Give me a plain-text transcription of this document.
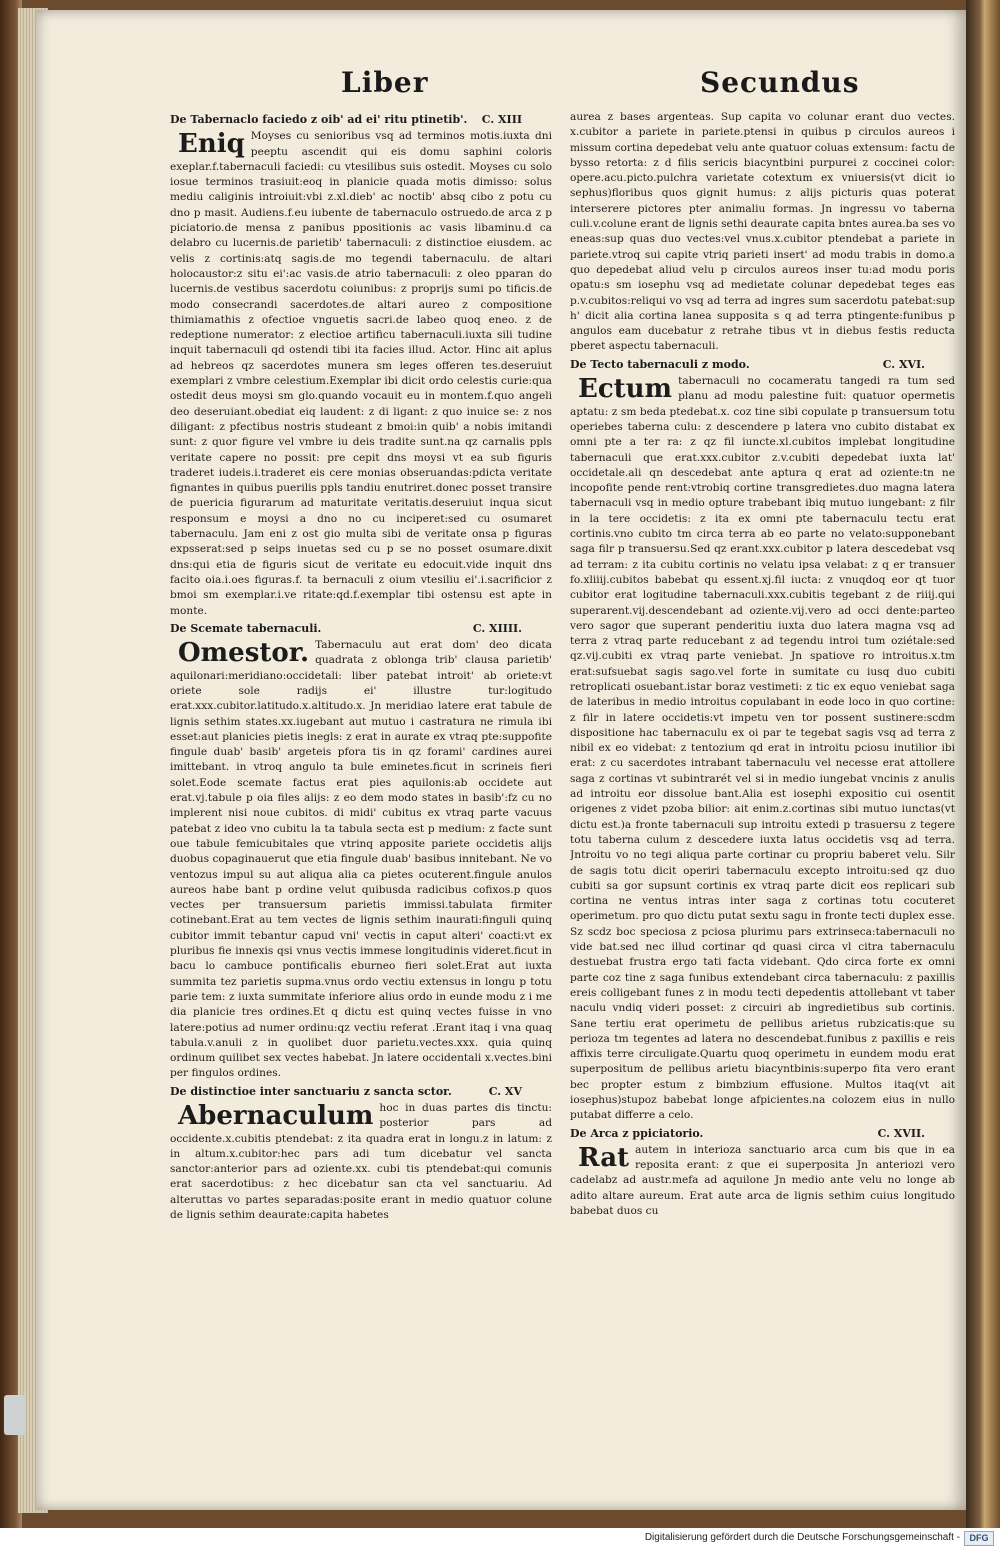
Liber	Secundus
De Tabernaclo faciedo z oib' ad ei' ritu ptinetib'. C. XIII
Eniq Moyses cu senioribus vsq ad terminos motis.iuxta dni peeptu ascendit qui eis domu saphini coloris exeplar.f.tabernaculi faciedi: cu vtesilibus suis ostedit. Moyses cu solo iosue terminos trasiuit:eoq in planicie quada motis dimisso: solus mediu caliginis introiuit:vbi z.xl.dieb' ac noctib' absq cibo z potu cu dno p masit. Audiens.f.eu iubente de tabernaculo ostruedo.de arca z p piciatorio.de mensa z panibus ppositionis ac vasis libaminu.d ca delabro cu lucernis.de parietib' tabernaculi: z distinctioe eiusdem. ac velis z cortinis:atq sagis.de mo tegendi tabernaculu. de altari holocaustor:z situ ei':ac vasis.de atrio tabernaculi: z oleo pparan do lucernis.de vestibus sacerdotu coiunibus: z proprijs sumi po tificis.de modo consecrandi sacerdotes.de altari aureo z compositione thimiamathis z ofectioe vnguetis sacri.de labeo quoq eneo. z de redeptione numerator: z electioe artificu tabernaculi.iuxta sili tudine inquit tabernaculi qd ostendi tibi ita facies illud. Actor. Hinc ait aplus ad hebreos qz sacerdotes munera sm leges offeren tes.deseruiut exemplari z vmbre celestium.Exemplar ibi dicit ordo celestis curie:qua ostedit deus moysi sm glo.quando vocauit eu in montem.f.quo angeli deo deseruiant.obediat eiq laudent: z di ligant: z quo inuice se: z nos diligant: z pfectibus nostris studeant z bmoi:in quib' a nobis imitandi sunt: z quor figure vel vmbre iu deis tradite sunt.na qz carnalis ppls veritate capere no possit: pre cepit dns moysi vt ea sub figuris traderet iudeis.i.traderet eis cere monias obseruandas:pdicta veritate fignantes in quibus puerilis ppls tandiu enutriret.donec posset transire de puericia figurarum ad maturitate veritatis.deseruiut inqua sicut responsum e moysi a dno no cu inciperet:sed cu osumaret tabernaculu. Jam eni z ost gio multa sibi de veritate onsa p figuras expsserat:sed p seips inuetas sed cu p se no posset osumare.dixit dns:qui etia de figuris sicut de veritate eu edocuit.vide inquit dns facito oia.i.oes figuras.f. ta bernaculi z oium vtesiliu ei'.i.sacrificior z bmoi sm exemplar.i.ve ritate:qd.f.exemplar tibi ostensu est apte in monte.

De Scemate tabernaculi.	C. XIIII.
Omestor. Tabernaculu aut erat dom' deo dicata quadrata z oblonga trib' clausa parietib' aquilonari:meridiano:occidetali: liber patebat introit' ab oriete:vt oriete sole radijs ei' illustre tur:logitudo erat.xxx.cubitor.latitudo.x.altitudo.x. Jn meridiao latere erat tabule de lignis sethim states.xx.iugebant aut mutuo i castratura ne rimula ibi esset:aut planicies pietis inegls: z erat in aurate ex vtraq pte:suppofite fingule duab' basib' argeteis pfora tis in qz forami' cardines aurei imittebant. in vtroq angulo ta bule eminetes.ficut in scrineis fieri solet.Eode scemate factus erat pies aquilonis:ab occidete aut erat.vj.tabule p oia files alijs: z eo dem modo states in basib':fz cu no implerent nisi noue cubitos. di midi' cubitus ex vtraq parte vacuus patebat z ideo vno cubitu la ta tabula secta est p medium: z facte sunt oue tabule femicubitales que vtrinq apposite pariete occidetis alijs duobus copaginauerut que etia fingule duab' basibus innitebant. Ne vo ventozus impul su aut aliqua alia ca pietes ocuterent.fingule anulos aureos habe bant p ordine velut quibusda radicibus cofixos.p quos vectes per transuersum parietis immissi.tabulata firmiter cotinebant.Erat au tem vectes de lignis sethim inaurati:finguli quinq cubitor immit tebantur capud vni' vectis in caput alteri' coacti:vt ex pluribus fie innexis qsi vnus vectis immese longitudinis videret.ficut in bacu lo cambuce pontificalis eburneo fieri solet.Erat aut iuxta summita tez parietis supma.vnus ordo vectiu extensus in longu p totu parie tem: z iuxta summitate inferiore alius ordo in eunde modu z i me dia planicie tres ordines.Et q dictu est quinq vectes fuisse in vno latere:potius ad numer ordinu:qz vectiu referat .Erant itaq i vna quaq tabula.v.anuli z in quolibet duor parietu.vectes.xxx. quia quinq ordinum quilibet sex vectes habebat. Jn latere occidentali x.vectes.bini per fingulos ordines.

De distinctioe inter sanctuariu z sancta sctor.	C. XV
Abernaculum hoc in duas partes dis tinctu: posterior pars ad occidente.x.cubitis ptendebat: z ita quadra erat in longu.z in latum: z in altum.x.cubitor:hec pars adi tum dicebatur vel sancta sanctor:anterior pars ad oziente.xx. cubi tis ptendebat:qui comunis erat sacerdotibus: z hec dicebatur san cta vel sanctuariu. Ad alteruttas vo partes separadas:posite erant in medio quatuor colune de lignis sethim deaurate:capita habetes

aurea z bases argenteas. Sup capita vo colunar erant duo vectes. x.cubitor a pariete in pariete.ptensi in quibus p circulos aureos i missum cortina depedebat velu ante quatuor coluas extensum: factu de bysso retorta: z d filis sericis biacyntbini purpurei z coccinei color: opere.acu.picto.pulchra varietate cotextum ex vniuersis(vt dicit io sephus)floribus quos gignit humus: z alijs picturis quas poterat interserere pictores pter animaliu formas. Jn ingressu vo taberna culi.v.colune erant de lignis sethi deaurate capita bntes aurea.ba ses vo eneas:sup quas duo vectes:vel vnus.x.cubitor ptendebat a pariete in pariete.vtroq sui capite vtriq parieti insert' ad modu trabis in domo.a quo depedebat aliud velu p circulos aureos inser tu:ad modu poris opatu:s sm iosephu vsq ad medietate colunar depedebat teges eas p.v.cubitos:reliqui vo vsq ad terra ad ingres sum sacerdotu patebat:sup h' dicit alia cortina lanea supposita s q ad terra ptingente:funibus p angulos eam ducebatur z retrahe tibus vt in diebus festis reducta pberet aspectu tabernaculi.

De Tecto tabernaculi z modo.	C. XVI.
Ectum tabernaculi no cocameratu tangedi ra tum sed planu ad modu palestine fuit: quatuor opermetis aptatu: z sm beda ptedebat.x. coz tine sibi copulate p transuersum totu operiebes taberna culu: z descendere p latera vno cubito distabat ex omni pte a ter ra: z qz fil iuncte.xl.cubitos implebat longitudine tabernaculi que erat.xxx.cubitor z.v.cubiti depedebat iuxta lat' occidetale.ali qn descedebat ante aptura q erat ad oziente:tn ne incopofite pende rent:vtrobiq cortine transgredietes.duo magna latera tabernaculi vsq in medio opture trabebant ibiq mutuo iungebant: z filr in la tere occidetis: z ita ex omni pte tabernaculu tectu erat cortinis.vno cubito tm circa terra ab eo parte no velato:supponebant saga filr p transuersu.Sed qz erant.xxx.cubitor p latera descedebat vsq ad terram: z ita cubitu cortinis no velatu ipsa velabat: z q er transuer fo.xliiij.cubitos babebat qu essent.xj.fil iucta: z vnuqdoq eor qt tuor cubitor erat logitudine tabernaculi.xxx.cubitis tegebant z de riiij.qui superarent.vij.descendebant ad oziente.vij.vero ad occi dente:parteo vero sagor que superant penderitiu iuxta duo latera magna vsq ad terra z vtraq parte reducebant z ad tegendu introi tum oziétale:sed qz.vij.cubiti ex vtraq parte veniebat. Jn spatiove ro introitus.x.tm erat:sufsuebat sagis sago.vel forte in sumitate cu iusq duo cubiti retroplicati osuebant.istar boraz vestimeti: z tic ex equo veniebat saga de lateribus in medio introitus copulabant in eode loco in quo cortine: z filr in latere occidetis:vt impetu ven tor possent sustinere:scdm dispositione hac tabernaculu ex oi par te tegebat sagis vsq ad terra z nibil ex eo videbat: z tentozium qd erat in introitu pciosu inutilior ibi erat: z cu sacerdotes intrabant tabernaculu vel necesse erat attollere saga z cortinas vt subintrarét vel si in medio iungebat vncinis z anulis ad introitu eor dissolue bant.Alia est iosephi expositio cui osentit origenes z videt pzoba bilior: ait enim.z.cortinas sibi mutuo iunctas(vt dictu est.)a fronte tabernaculi sup introitu extedi p trasuersu z tegere totu taberna culum z descedere iuxta latus occidetis vsq ad terra. Jntroitu vo no tegi aliqua parte cortinar cu propriu baberet velu. Silr de sagis totu dicit operiri tabernaculu excepto introitu:sed qz duo cubiti sa gor supsunt cortinis ex vtraq parte dicit eos replicari sub cortina ne ventus intras inter saga z cortinas totu cocuteret operimetum. pro quo dictu putat sextu sagu in fronte tecti duplex esse. Sz scdz boc speciosa z pciosa plurimu pars extrinseca:tabernaculi no vide bat.sed nec illud cortinar qd quasi circa vl citra tabernaculu destuebat frustra ergo tati facta videbant. Qdo circa forte ex omni parte coz tine z saga funibus extendebant circa tabernaculu: z paxillis ereis colligebant funes z in modu tecti depedentis attollebant vt taber naculu vndiq videri posset: z circuiri ab ingredietibus sub cortinis. Sane tertiu erat operimetu de pellibus arietus rubzicatis:que su perioza tm tegentes ad latera no descendebat.funibus z paxillis e reis affixis terre circuligate.Quartu quoq operimetu in eundem modu erat superpositum de pellibus arietu biacyntbinis:superpo fita vero erant bec propter estum z bimbzium effusione. Multos itaq(vt ait iosephus)stupoz babebat longe afpicientes.na colozem eius in nullo putabat differre a celo.

De Arca z ppiciatorio.	C. XVII.
Rat autem in interioza sanctuario arca cum bis que in ea reposita erant: z que ei superposita Jn anteriozi vero cadelabz ad austr.mefa ad aquilone Jn medio ante velu no longe ab adito altare aureum. Erat aute arca de lignis sethim cuius longitudo babebat duos cu

Digitalisierung gefördert durch die Deutsche Forschungsgemeinschaft -	DFG
